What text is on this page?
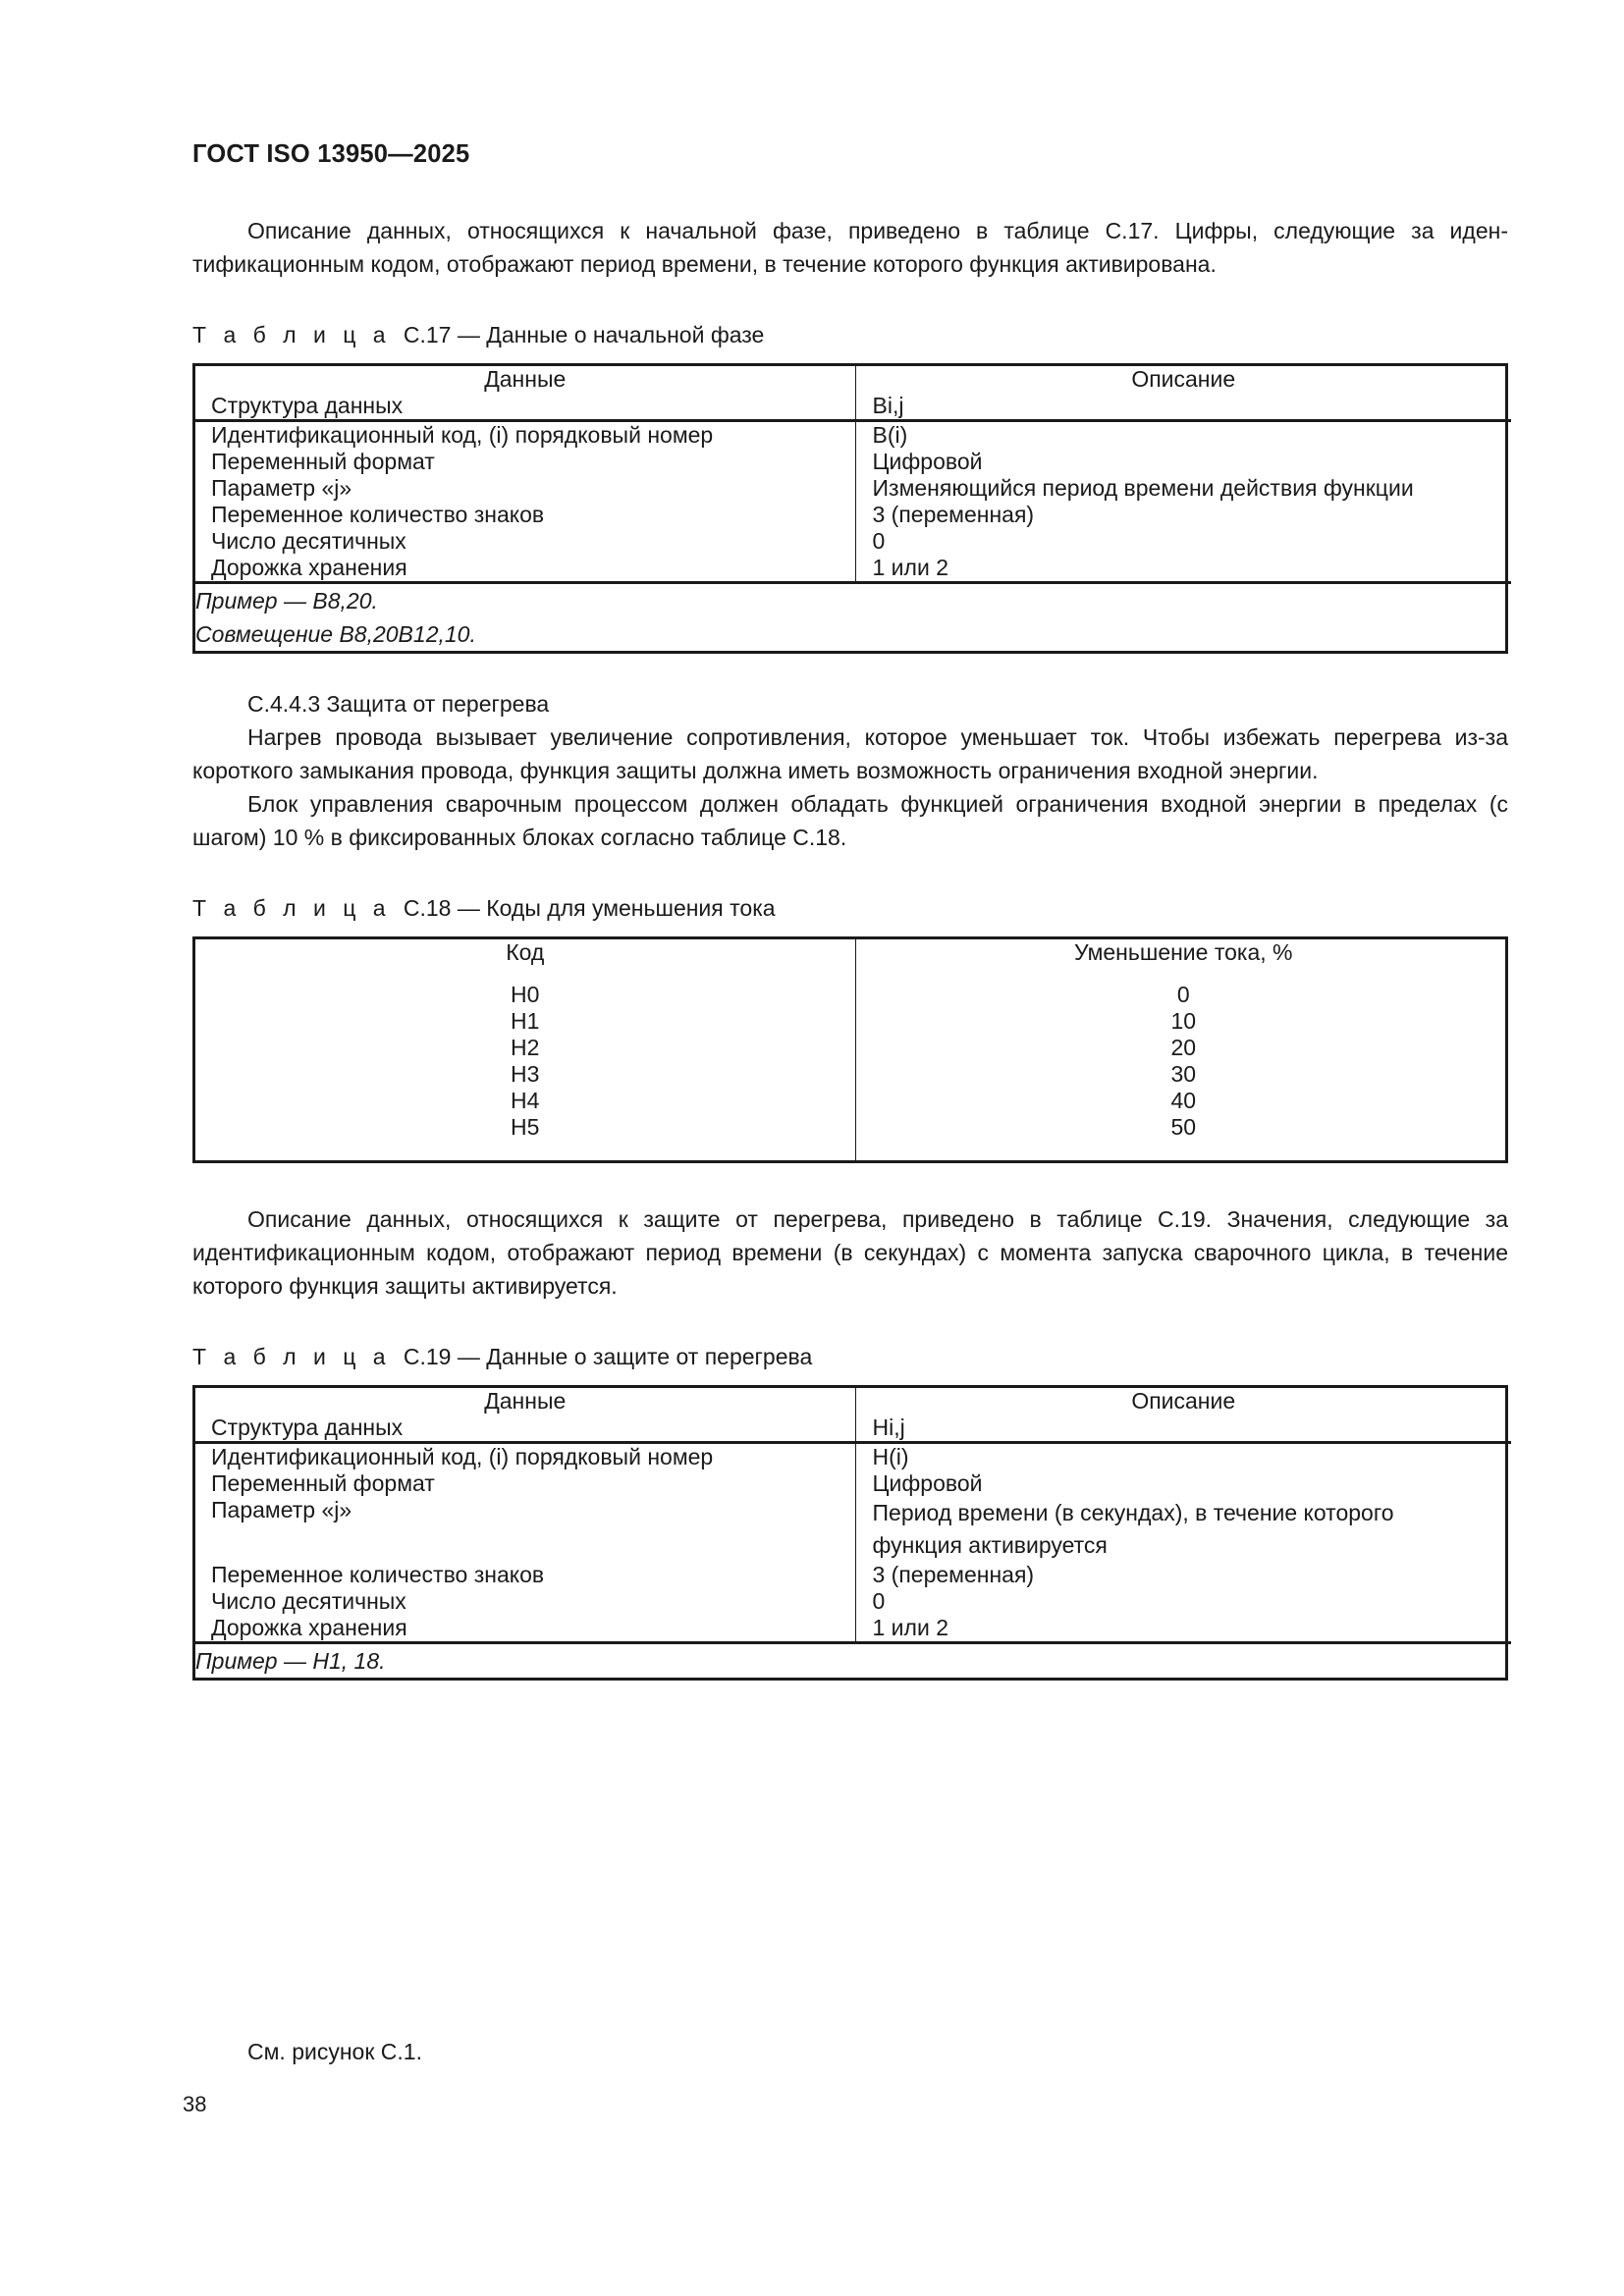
ГОСТ ISO 13950—2025

Описание данных, относящихся к начальной фазе, приведено в таблице С.17. Цифры, следующие за идентификационным кодом, отображают период времени, в течение которого функция активирована.

Т а б л и ц а С.17 — Данные о начальной фазе
Данные	Описание
Структура данных	Bi,j
Идентификационный код, (i) порядковый номер	B(i)
Переменный формат	Цифровой
Параметр «j»	Изменяющийся период времени действия функции
Переменное количество знаков	3 (переменная)
Число десятичных	0
Дорожка хранения	1 или 2

Пример — B8,20.
Совмещение B8,20B12,10.	

С.4.4.3 Защита от перегрева

Нагрев провода вызывает увеличение сопротивления, которое уменьшает ток. Чтобы избежать перегрева из-за короткого замыкания провода, функция защиты должна иметь возможность ограничения входной энергии.

Блок управления сварочным процессом должен обладать функцией ограничения входной энергии в пределах (с шагом) 10 % в фиксированных блоках согласно таблице С.18.

Т а б л и ц а С.18 — Коды для уменьшения тока
Код	Уменьшение тока, %
H0	0
H1	10
H2	20
H3	30
H4	40
H5	50

Описание данных, относящихся к защите от перегрева, приведено в таблице С.19. Значения, следующие за идентификационным кодом, отображают период времени (в секундах) с момента запуска сварочного цикла, в течение которого функция защиты активируется.

Т а б л и ц а С.19 — Данные о защите от перегрева
Данные	Описание
Структура данных	Hi,j
Идентификационный код, (i) порядковый номер	H(i)
Переменный формат	Цифровой
Параметр «j»	Период времени (в секундах), в течение которого функция активируется
Переменное количество знаков	3 (переменная)
Число десятичных	0
Дорожка хранения	1 или 2

Пример — H1, 18.	
См. рисунок С.1.
38
